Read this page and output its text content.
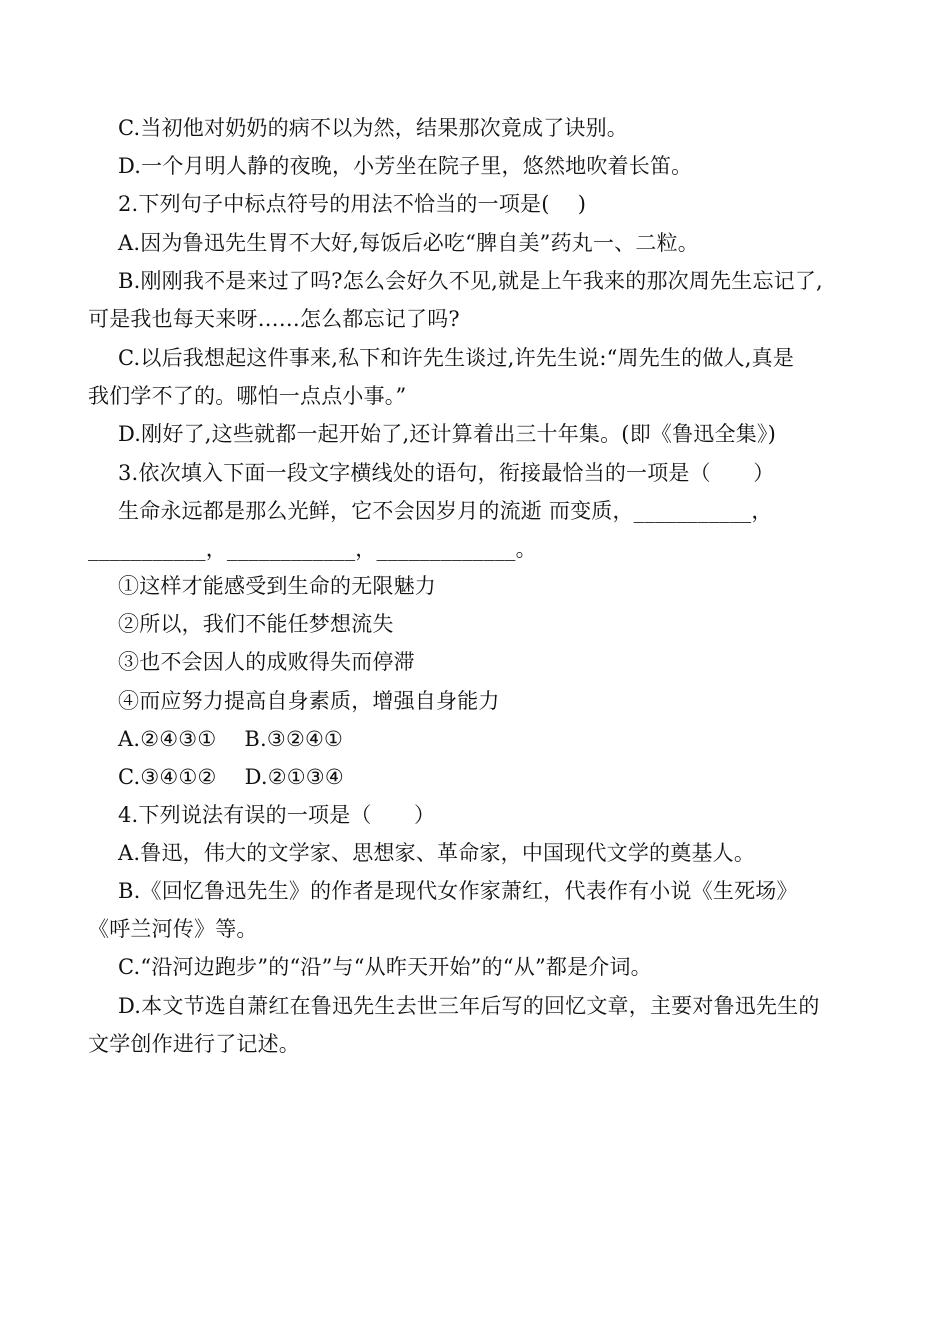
C.当初他对奶奶的病不以为然，结果那次竟成了诀别。
D.一个月明人静的夜晚，小芳坐在院子里，悠然地吹着长笛。
2.下列句子中标点符号的用法不恰当的一项是(　 )
A.因为鲁迅先生胃不大好,每饭后必吃“脾自美”药丸一、二粒。
B.刚刚我不是来过了吗?怎么会好久不见,就是上午我来的那次周先生忘记了,
可是我也每天来呀……怎么都忘记了吗?
C.以后我想起这件事来,私下和许先生谈过,许先生说:“周先生的做人,真是
我们学不了的。哪怕一点点小事。”
D.刚好了,这些就都一起开始了,还计算着出三十年集。(即《鲁迅全集》)
3.依次填入下面一段文字横线处的语句，衔接最恰当的一项是（　　）
生命永远都是那么光鲜，它不会因岁月的流逝 而变质，___________，
___________，____________，_____________。
①这样才能感受到生命的无限魅力
②所以，我们不能任梦想流失
③也不会因人的成败得失而停滞
④而应努力提高自身素质，增强自身能力
A.②④③①　 B.③②④①
C.③④①②　 D.②①③④
4.下列说法有误的一项是（　　）
A.鲁迅，伟大的文学家、思想家、革命家，中国现代文学的奠基人。
B.《回忆鲁迅先生》的作者是现代女作家萧红，代表作有小说《生死场》
《呼兰河传》等。
C.“沿河边跑步”的“沿”与“从昨天开始”的“从”都是介词。
D.本文节选自萧红在鲁迅先生去世三年后写的回忆文章，主要对鲁迅先生的
文学创作进行了记述。
